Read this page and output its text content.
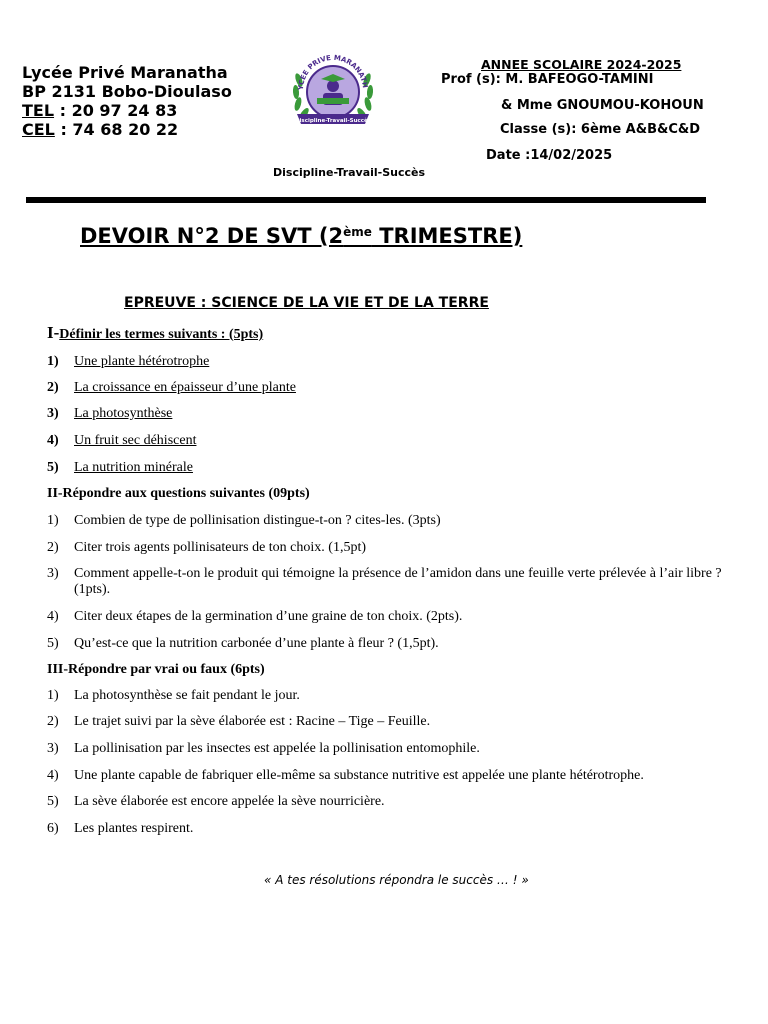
Lycée Privé Maranatha
BP 2131 Bobo-Dioulaso
TEL : 20 97 24 83
CEL : 74 68 20 22
YCEE PRIVE MARANATH
Discipline-Travail-Succès
ANNEE SCOLAIRE 2024-2025
Prof (s): M. BAFEOGO-TAMINI
& Mme GNOUMOU-KOHOUN
Classe (s): 6ème A&B&C&D
Date :14/02/2025
Discipline-Travail-Succès
DEVOIR N°2 DE SVT (2ème TRIMESTRE)
EPREUVE : SCIENCE DE LA VIE ET DE LA TERRE
I-Définir les termes suivants : (5pts)
1)	Une plante hétérotrophe
2)	La croissance en épaisseur d’une plante
3)	La photosynthèse
4)	Un fruit sec déhiscent
5)	La nutrition minérale
II-Répondre aux questions suivantes (09pts)
1)	Combien de type de pollinisation distingue-t-on ? cites-les. (3pts)
2)	Citer trois agents pollinisateurs de ton choix. (1,5pt)
3)	Comment appelle-t-on le produit qui témoigne la présence de l’amidon dans une feuille verte prélevée à l’air libre ? (1pts).
4)	Citer deux étapes de la germination d’une graine de ton choix. (2pts).
5)	Qu’est-ce que la nutrition carbonée d’une plante à fleur ? (1,5pt).
III-Répondre par vrai ou faux (6pts)
1)	La photosynthèse se fait pendant le jour.
2)	Le trajet suivi par la sève élaborée est : Racine – Tige – Feuille.
3)	La pollinisation par les insectes est appelée la pollinisation entomophile.
4)	Une plante capable de fabriquer elle-même sa substance nutritive est appelée une plante hétérotrophe.
5)	La sève élaborée est encore appelée la sève nourricière.
6)	Les plantes respirent.
« A tes résolutions répondra le succès … ! »
